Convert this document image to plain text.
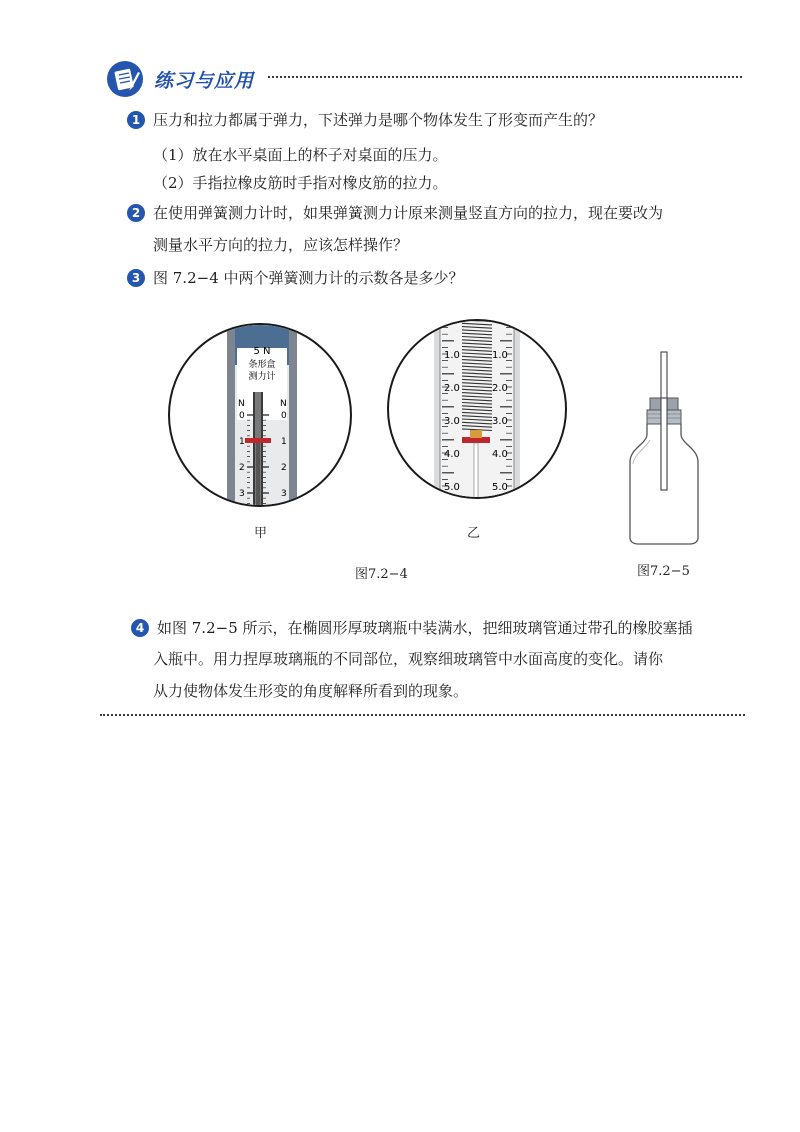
练习与应用
1 压力和拉力都属于弹力，下述弹力是哪个物体发生了形变而产生的？
（1）放在水平桌面上的杯子对桌面的压力。
（2）手指拉橡皮筋时手指对橡皮筋的拉力。
2 在使用弹簧测力计时，如果弹簧测力计原来测量竖直方向的拉力，现在要改为
测量水平方向的拉力，应该怎样操作？
3 图 7.2−4 中两个弹簧测力计的示数各是多少？
5 N
条形盒
测力计
N	N
0	0
1	1
2	2
3	3
甲
1.0	1.0
2.0	2.0
3.0	3.0
4.0	4.0
5.0	5.0
乙
图7.2−4	图7.2−5
4 如图 7.2−5 所示，在椭圆形厚玻璃瓶中装满水，把细玻璃管通过带孔的橡胶塞插
入瓶中。用力捏厚玻璃瓶的不同部位，观察细玻璃管中水面高度的变化。请你
从力使物体发生形变的角度解释所看到的现象。
